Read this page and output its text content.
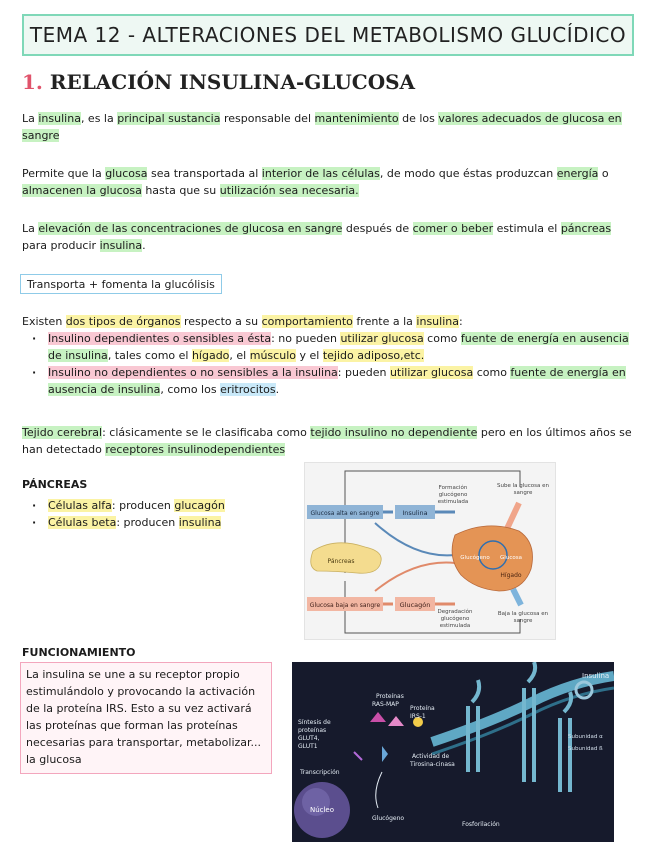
TEMA 12 - ALTERACIONES DEL METABOLISMO GLUCÍDICO
1. RELACIÓN INSULINA-GLUCOSA
La insulina, es la principal sustancia responsable del mantenimiento de los valores adecuados de glucosa en sangre
Permite que la glucosa sea transportada al interior de las células, de modo que éstas produzcan energía o almacenen la glucosa hasta que su utilización sea necesaria.
La elevación de las concentraciones de glucosa en sangre después de comer o beber estimula el páncreas para producir insulina.
Transporta + fomenta la glucólisis
Existen dos tipos de órganos respecto a su comportamiento frente a la insulina:
· Insulino dependientes o sensibles a ésta: no pueden utilizar glucosa como fuente de energía en ausencia de insulina, tales como el hígado, el músculo y el tejido adiposo,etc.
· Insulino no dependientes o no sensibles a la insulina: pueden utilizar glucosa como fuente de energía en ausencia de insulina, como los eritrocitos.
Tejido cerebral: clásicamente se le clasificaba como tejido insulino no dependiente pero en los últimos años se han detectado receptores insulinodependientes
PÁNCREAS
· Células alfa: producen glucagón
· Células beta: producen insulina
Glucosa alta en sangre	Insulina
Formación
glucógeno
estimulada
Sube la glucosa en
sangre
Páncreas	Glucógeno Glucosa
Hígado
Glucosa baja en sangre	Glucagón
Degradación
glucógeno
estimulada
Baja la glucosa en
sangre
FUNCIONAMIENTO
La insulina se une a su receptor propio
estimulándolo y provocando la activación
de la proteína IRS. Esto a su vez activará
las proteínas que forman las proteínas
necesarias para transportar, metabolizar...
la glucosa
Insulina
Subunidad α
Subunidad ß
Proteínas
RAS-MAP
Proteína
IRS-1
Síntesis de
proteínas
GLUT4,
GLUT1
Actividad de
Tirosina-cinasa
Transcripción
Núcleo
Glucógeno
Fosforilación
